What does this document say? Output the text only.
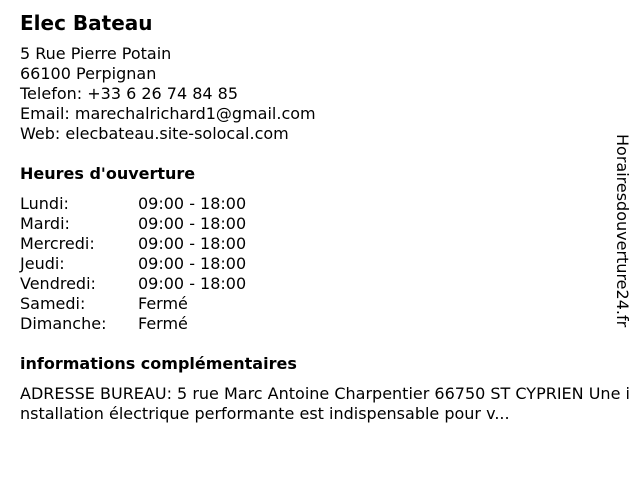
Elec Bateau
5 Rue Pierre Potain
66100 Perpignan
Telefon: +33 6 26 74 84 85
Email: marechalrichard1@gmail.com
Web: elecbateau.site-solocal.com
Heures d'ouverture
Lundi:	09:00 - 18:00
Mardi:	09:00 - 18:00
Mercredi:	09:00 - 18:00
Jeudi:	09:00 - 18:00
Vendredi:	09:00 - 18:00
Samedi:	Fermé
Dimanche: Fermé
informations complémentaires
ADRESSE BUREAU: 5 rue Marc Antoine Charpentier 66750 ST CYPRIEN Une installation électrique performante est indispensable pour v...
Horairesdouverture24.fr
